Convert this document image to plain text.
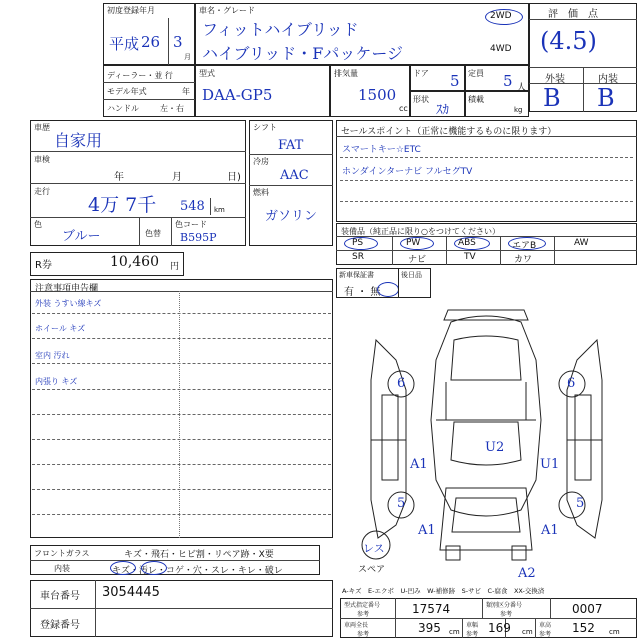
初度登録年月
平成 26 3
月
車名・グレード
フィットハイブリッド
ハイブリッド・Fパッケージ
2WD
4WD
評　価　点
(4.5)
外装	内装
B B
ディーラー・並 行
モデル年式	年
ハンドル	左・右
型式
DAA-GP5
排気量
1500
cc
ドア 5 定員 5 人
形状
ｽｶ
積載
kg
車歴
自家用
車検
年	月	日)
走行
4万 7千 548 km
色
ブルー	色替
色コード
B595P
シフト
FAT
冷房
AAC
燃料
ガソリン
R券	10,460 円
セールスポイント（正常に機能するものに限ります）
スマートキー☆ETC
ホンダインターナビ フルセグTV
装備品（純正品に限り○をつけてください）
PS	PW	ABS	エアB	AW
SR	ナビ	TV	カワ
新車保証書
有 ・ 無
後日品
注意事項申告欄
外装 うすい線キズ
ホイール キズ
室内 汚れ
内張り キズ
フロントガラス	キズ・飛石・ヒビ割・リペア跡・X要
内装	キズ・汚レ・コゲ・穴・スレ・キレ・破レ
車台番号 3054445
登録番号
6	6
U2
A1	U1
5	5
A1	A1
A2
レス
スペア
A-キズ　E-エクボ　U-凹み　W-補修跡　S-サビ　C-腐食　XX-交換済
型式指定番号
参考	17574	類別区分番号
参考	0007
車両全長
参考	395 cm
車幅
参考 169 cm
車高
参考 152 cm
